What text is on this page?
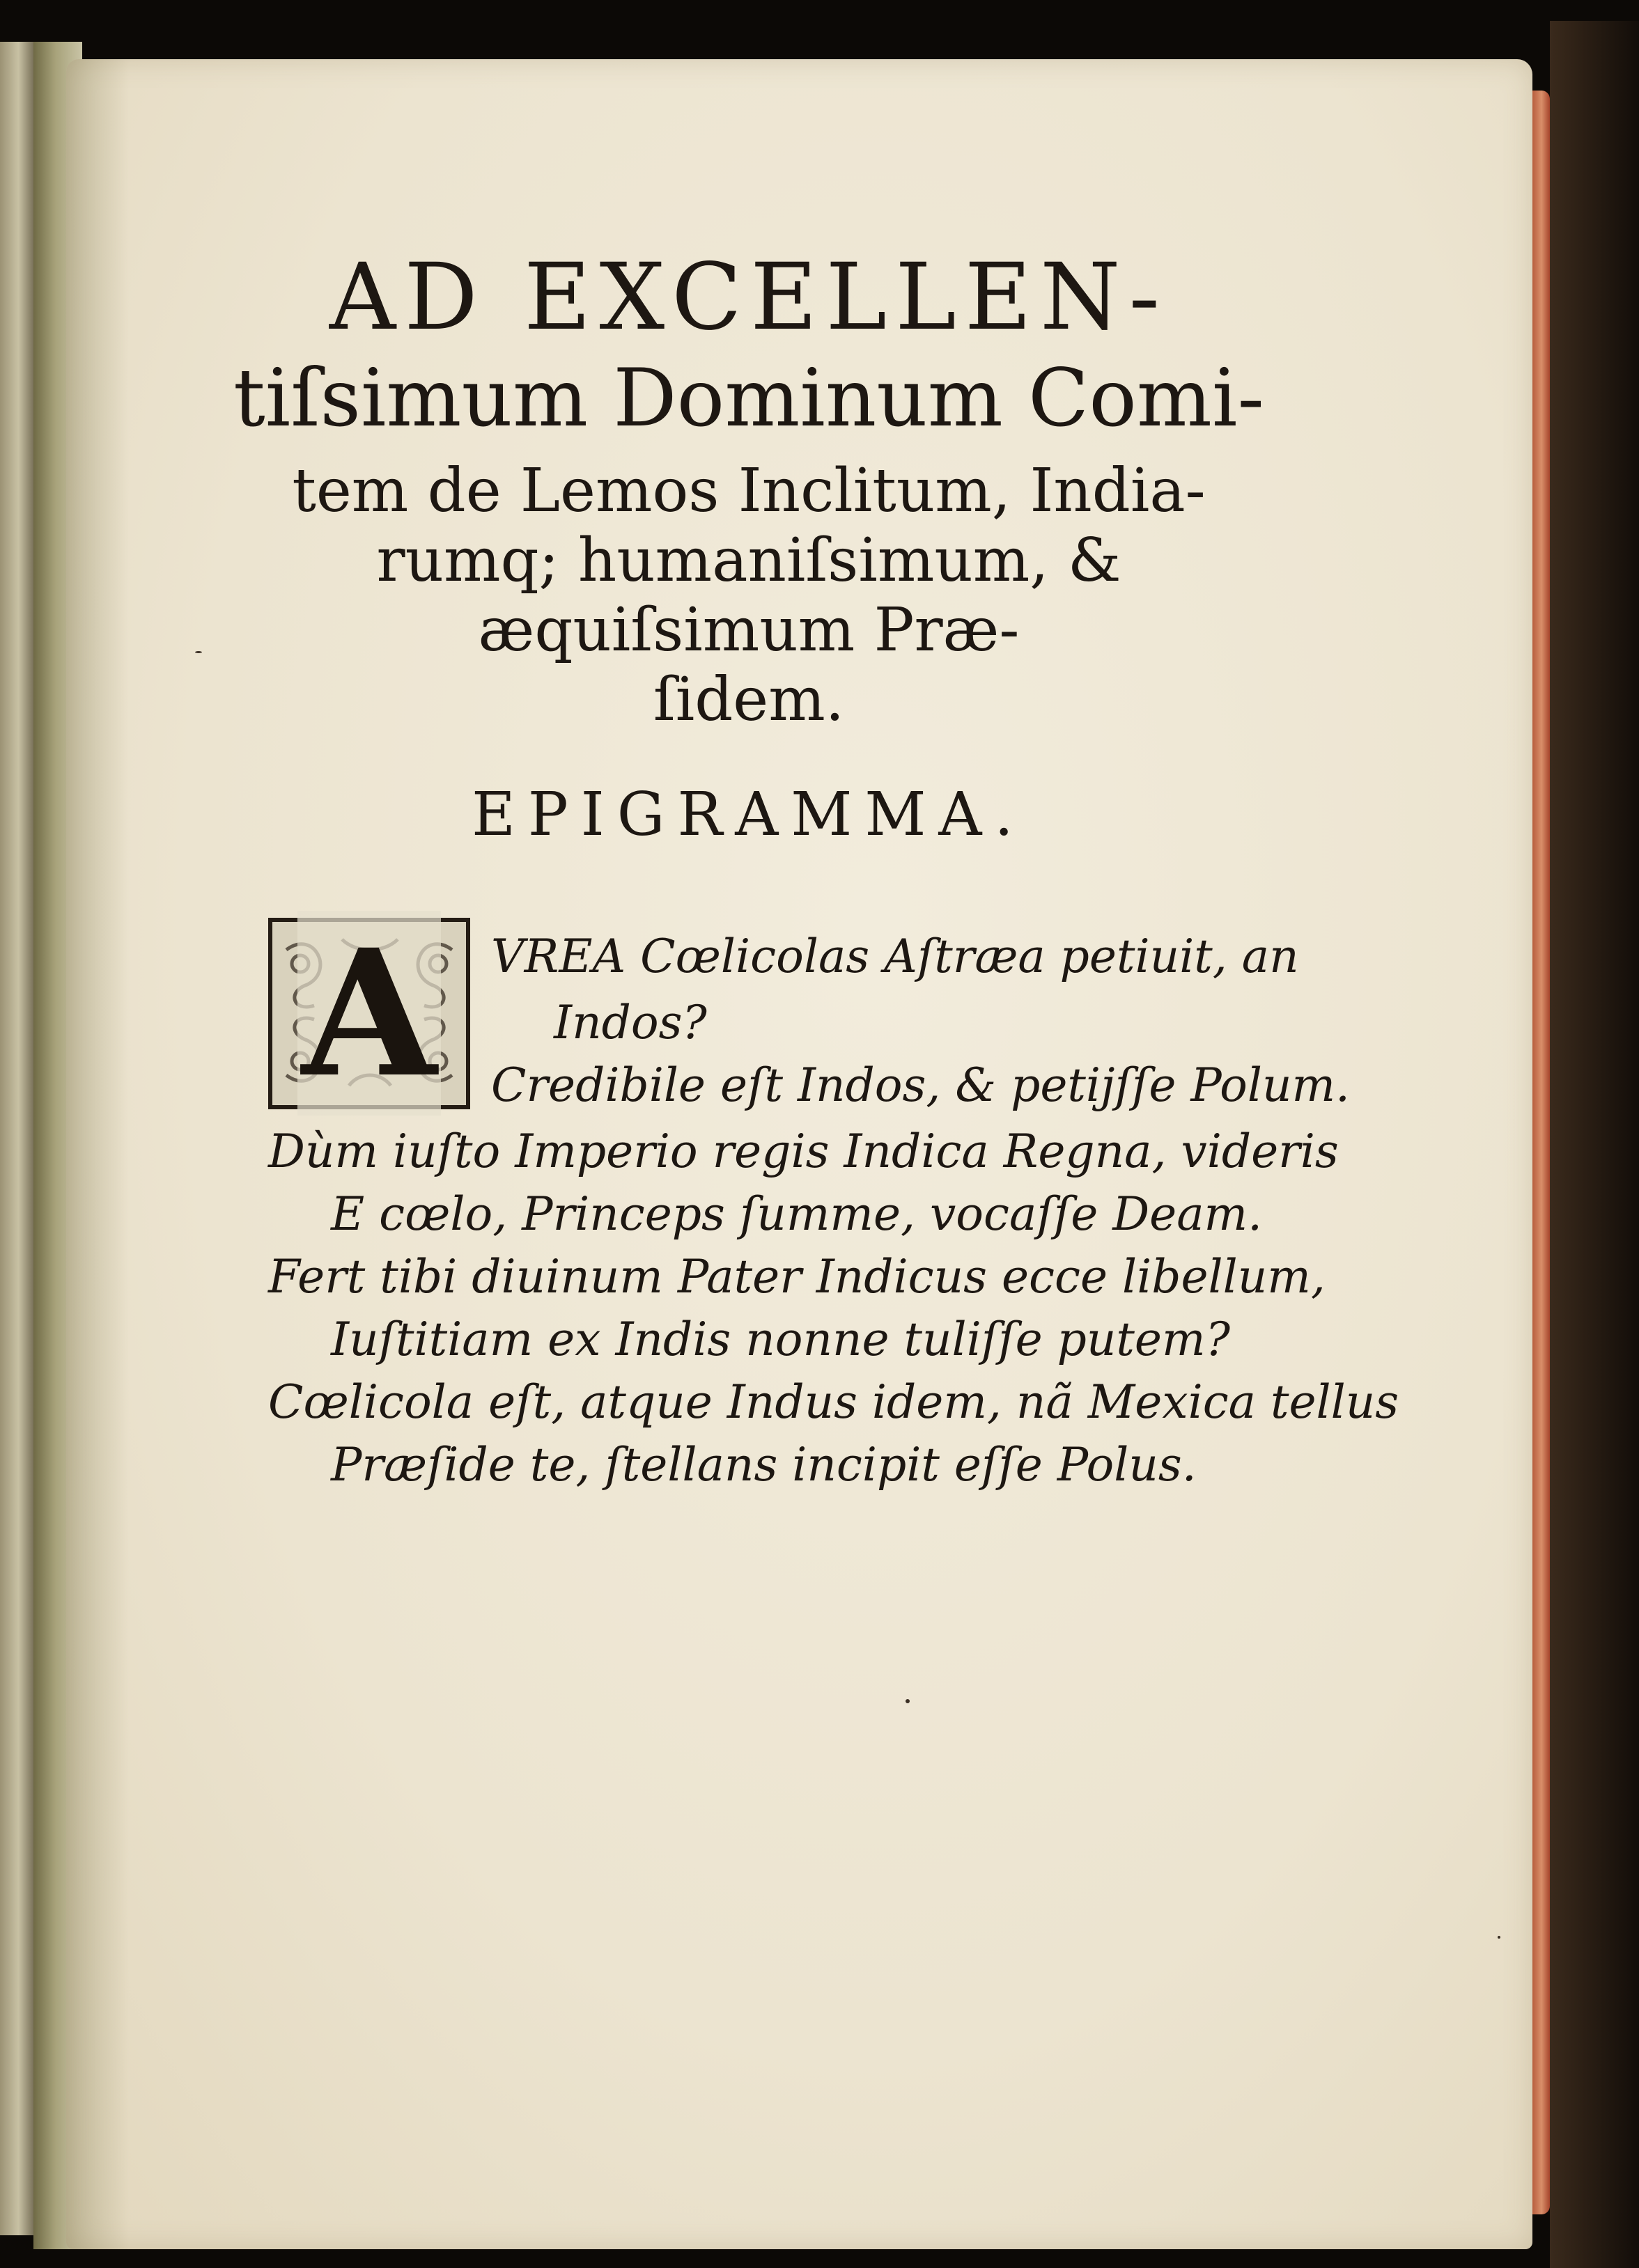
AD EXCELLEN-
tiſsimum Dominum Comi-
tem de Lemos Inclitum, India-
rumq; humaniſsimum, &
æquiſsimum Præ-
ſidem.
EPIGRAMMA.
A	VREA Cœlicolas Aſtræa petiuit, an
Indos?
Credibile eſt Indos, & petijſſe Polum.
Dùm iuſto Imperio regis Indica Regna, videris
E cœlo, Princeps ſumme, vocaſſe Deam.
Fert tibi diuinum Pater Indicus ecce libellum,
Iuſtitiam ex Indis nonne tuliſſe putem?
Cœlicola eſt, atque Indus idem, nã Mexica tellus
Præſide te, ſtellans incipit eſſe Polus.
